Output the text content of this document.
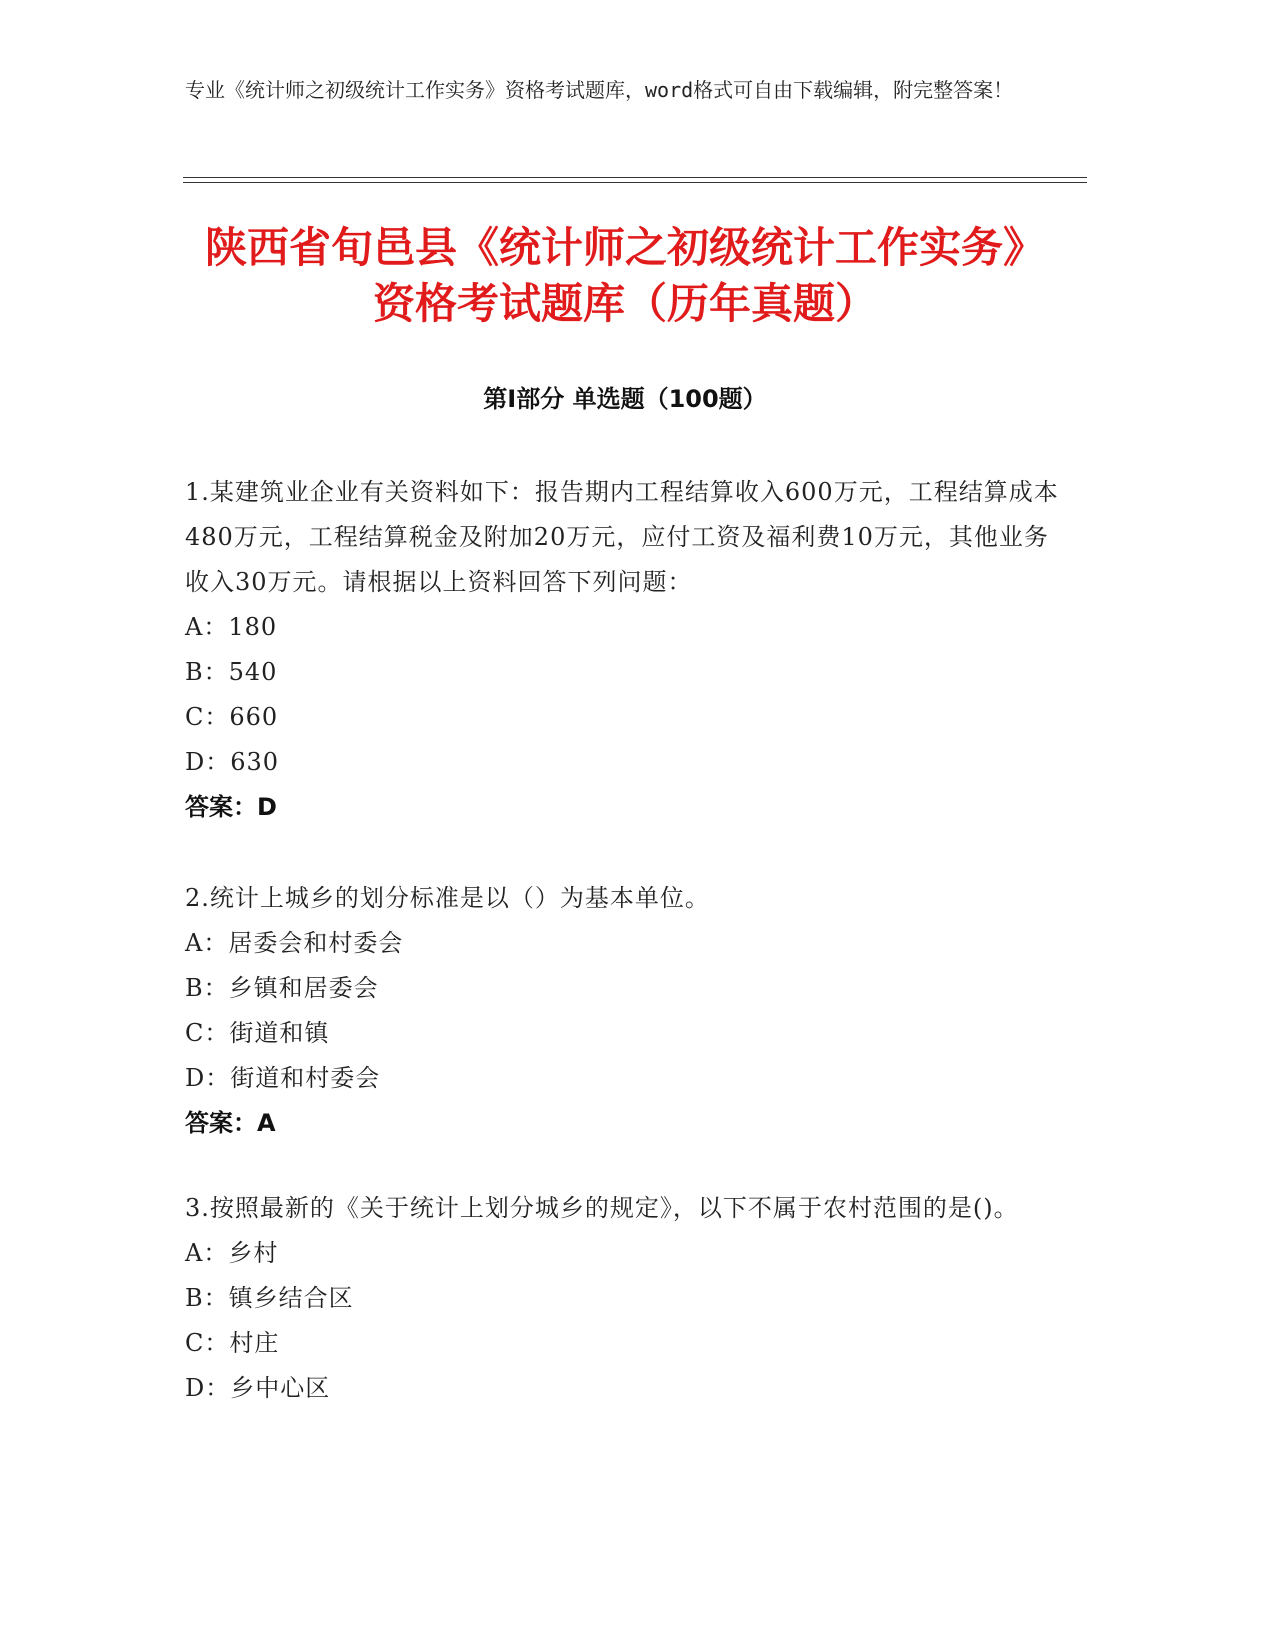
专业《统计师之初级统计工作实务》资格考试题库，word格式可自由下载编辑，附完整答案！
陕西省旬邑县《统计师之初级统计工作实务》资格考试题库（历年真题）
第Ⅰ部分 单选题（100题）

1.某建筑业企业有关资料如下：报告期内工程结算收入600万元，工程结算成本480万元，工程结算税金及附加20万元，应付工资及福利费10万元，其他业务收入30万元。请根据以上资料回答下列问题：

A：180

B：540

C：660

D：630

答案：D

2.统计上城乡的划分标准是以（）为基本单位。

A：居委会和村委会

B：乡镇和居委会

C：街道和镇

D：街道和村委会

答案：A

3.按照最新的《关于统计上划分城乡的规定》，以下不属于农村范围的是()。

A：乡村

B：镇乡结合区

C：村庄

D：乡中心区
